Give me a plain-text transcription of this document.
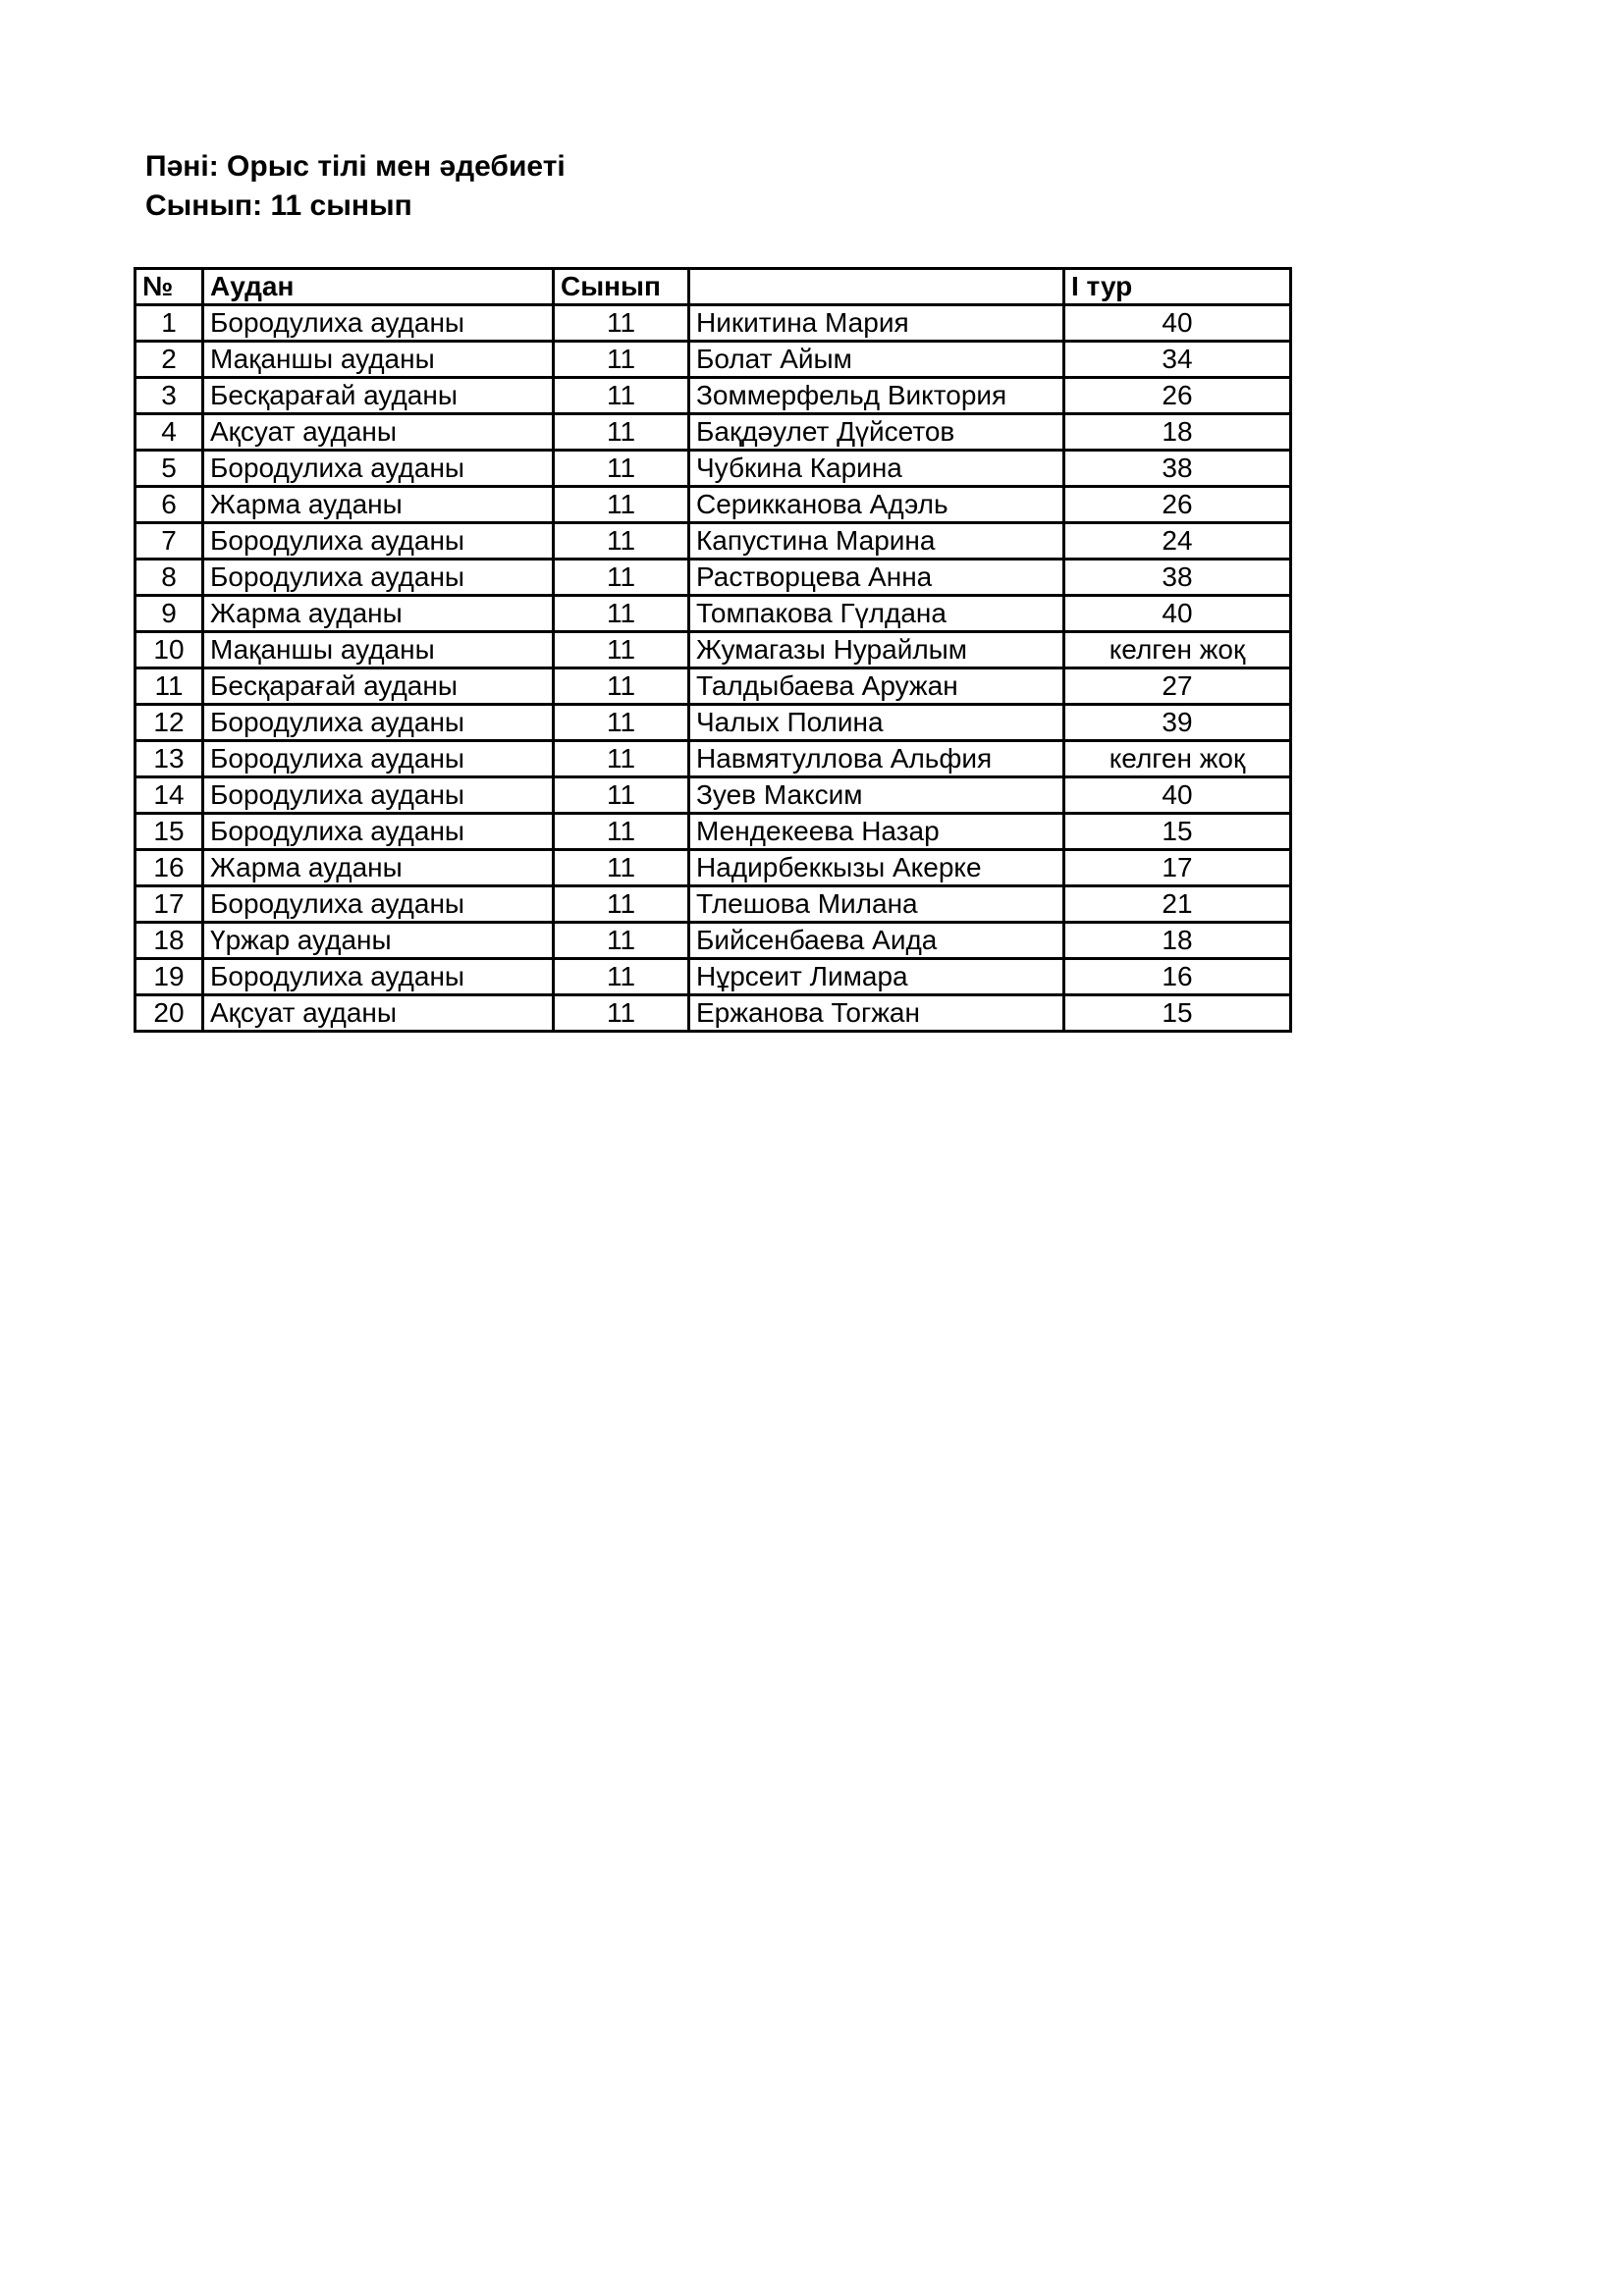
Пәні: Орыс тілі мен әдебиеті
Сынып: 11 сынып
№	Аудан	Сынып		І тур
1	Бородулиха ауданы	11	Никитина Мария	40
2	Мақаншы ауданы	11	Болат Айым	34
3	Бесқарағай ауданы	11	Зоммерфельд Виктория	26
4	Ақсуат ауданы	11	Бақдәулет Дүйсетов	18
5	Бородулиха ауданы	11	Чубкина Карина	38
6	Жарма ауданы	11	Серикканова Адэль	26
7	Бородулиха ауданы	11	Капустина Марина	24
8	Бородулиха ауданы	11	Растворцева Анна	38
9	Жарма ауданы	11	Томпакова Гүлдана	40
10	Мақаншы ауданы	11	Жумагазы Нурайлым	келген жоқ
11	Бесқарағай ауданы	11	Талдыбаева Аружан	27
12	Бородулиха ауданы	11	Чалых Полина	39
13	Бородулиха ауданы	11	Навмятуллова Альфия	келген жоқ
14	Бородулиха ауданы	11	Зуев Максим	40
15	Бородулиха ауданы	11	Мендекеева Назар	15
16	Жарма ауданы	11	Надирбеккызы Акерке	17
17	Бородулиха ауданы	11	Тлешова Милана	21
18	Үржар ауданы	11	Бийсенбаева Аида	18
19	Бородулиха ауданы	11	Нұрсеит Лимара	16
20	Ақсуат ауданы	11	Ержанова Тогжан	15
